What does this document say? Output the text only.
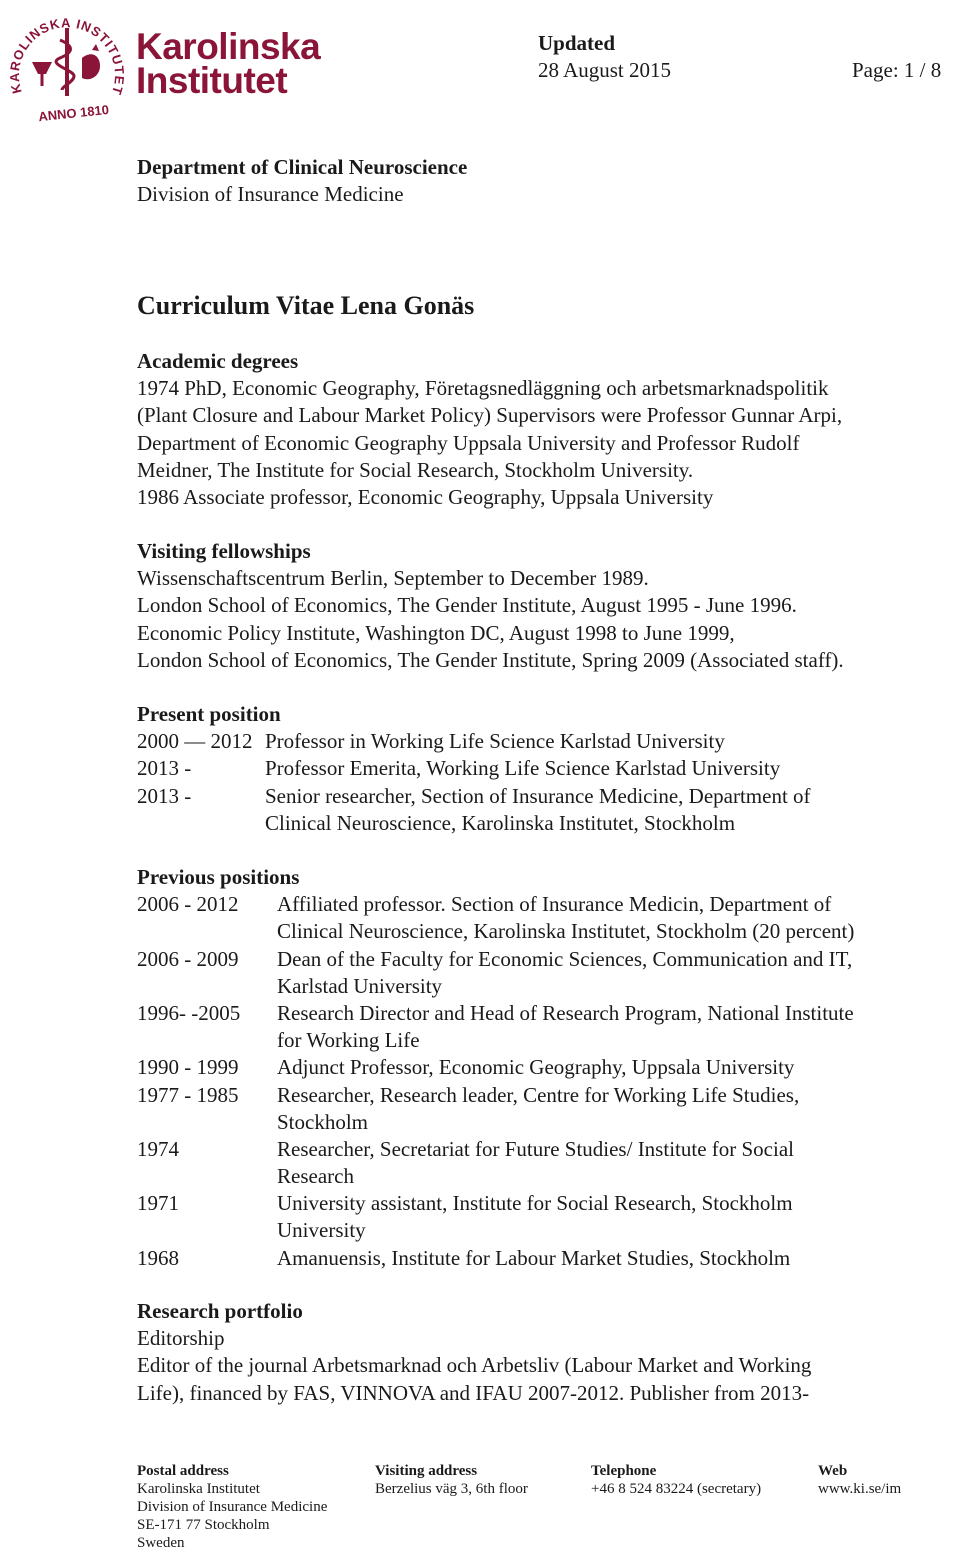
KAROLINSKA INSTITUTET
ANNO 1810
Karolinska
Institutet
Updated
28 August 2015	Page: 1 / 8
Department of Clinical Neuroscience
Division of Insurance Medicine
Curriculum Vitae Lena Gonäs
Academic degrees
1974 PhD, Economic Geography, Företagsnedläggning och arbetsmarknadspolitik
(Plant Closure and Labour Market Policy) Supervisors were Professor Gunnar Arpi,
Department of Economic Geography Uppsala University and Professor Rudolf
Meidner, The Institute for Social Research, Stockholm University.
1986 Associate professor, Economic Geography, Uppsala University
Visiting fellowships
Wissenschaftscentrum Berlin, September to December 1989.
London School of Economics, The Gender Institute, August 1995 - June 1996.
Economic Policy Institute, Washington DC, August 1998 to June 1999,
London School of Economics, The Gender Institute, Spring 2009 (Associated staff).
Present position
2000 — 2012 Professor in Working Life Science Karlstad University
2013 -	Professor Emerita, Working Life Science Karlstad University
2013 -	Senior researcher, Section of Insurance Medicine, Department of
Clinical Neuroscience, Karolinska Institutet, Stockholm
Previous positions
2006 - 2012	Affiliated professor. Section of Insurance Medicin, Department of
Clinical Neuroscience, Karolinska Institutet, Stockholm (20 percent)
2006 - 2009	Dean of the Faculty for Economic Sciences, Communication and IT,
Karlstad University
1996- -2005	Research Director and Head of Research Program, National Institute
for Working Life
1990 - 1999	Adjunct Professor, Economic Geography, Uppsala University
1977 - 1985	Researcher, Research leader, Centre for Working Life Studies,
Stockholm
1974	Researcher, Secretariat for Future Studies/ Institute for Social
Research
1971	University assistant, Institute for Social Research, Stockholm
University
1968	Amanuensis, Institute for Labour Market Studies, Stockholm
Research portfolio
Editorship
Editor of the journal Arbetsmarknad och Arbetsliv (Labour Market and Working
Life), financed by FAS, VINNOVA and IFAU 2007-2012. Publisher from 2013-
Postal address
Karolinska Institutet
Division of Insurance Medicine
SE-171 77 Stockholm
Sweden
Visiting address
Berzelius väg 3, 6th floor
Telephone
+46 8 524 83224 (secretary)
Web
www.ki.se/im
